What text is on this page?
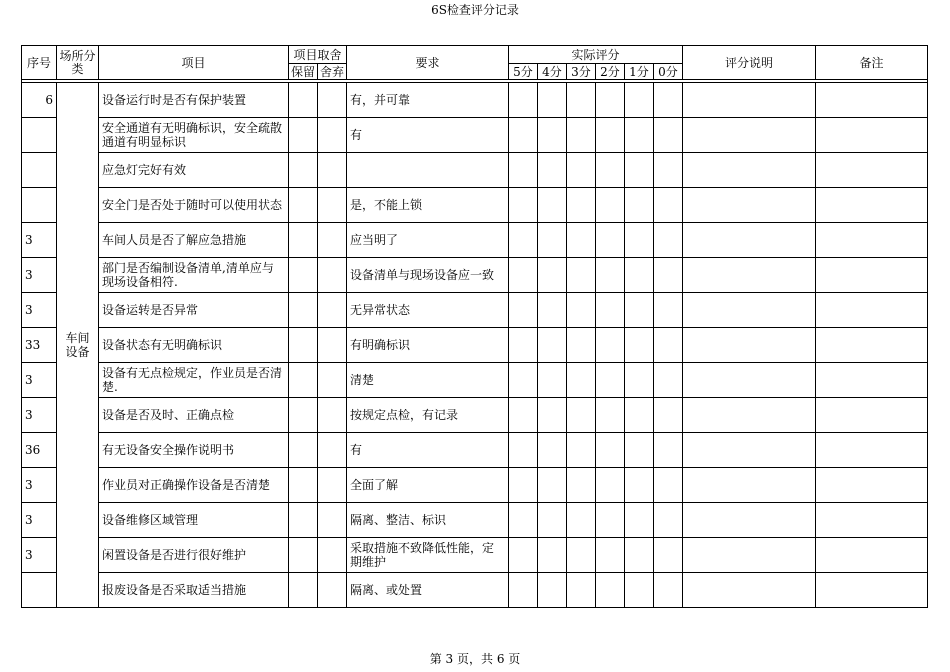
6S检查评分记录
序号	场所分类	项目	项目取舍		要求	实际评分						评分说明	备注
			保留	舍弃		5分	4分	3分	2分	1分	0分		

6	车间设备	设备运行时是否有保护装置			有，并可靠								
		安全通道有无明确标识，安全疏散通道有明显标识			有								
		应急灯完好有效											
		安全门是否处于随时可以使用状态			是，不能上锁								
3		车间人员是否了解应急措施			应当明了								
3		部门是否编制设备清单,清单应与现场设备相符.			设备清单与现场设备应一致								
3		设备运转是否异常			无异常状态								
33		设备状态有无明确标识			有明确标识								
3		设备有无点检规定，作业员是否清楚.			清楚								
3		设备是否及时、正确点检			按规定点检，有记录								
36		有无设备安全操作说明书			有								
3		作业员对正确操作设备是否清楚			全面了解								
3		设备维修区域管理			隔离、整洁、标识								
3		闲置设备是否进行很好维护			采取措施不致降低性能，定期维护								
		报废设备是否采取适当措施			隔离、或处置								
第 3 页，共 6 页
